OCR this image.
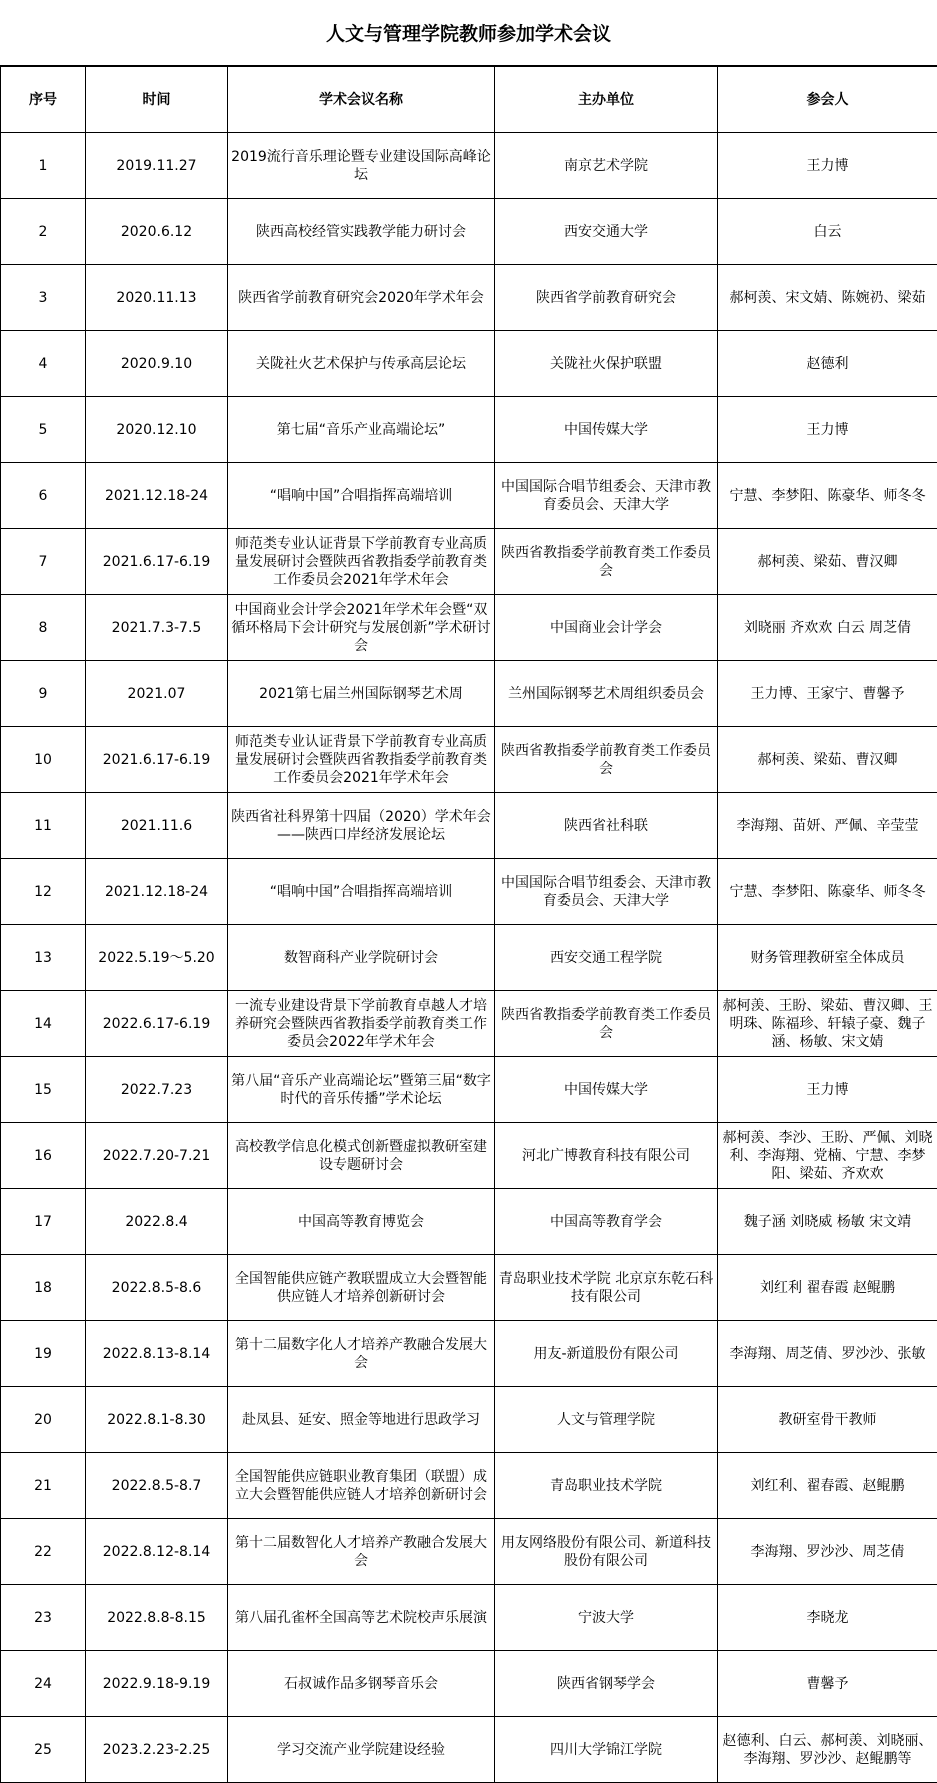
人文与管理学院教师参加学术会议
序号	时间	学术会议名称	主办单位	参会人
1	2019.11.27	2019流行音乐理论暨专业建设国际高峰论坛	南京艺术学院	王力博
2	2020.6.12	陕西高校经管实践教学能力研讨会	西安交通大学	白云
3	2020.11.13	陕西省学前教育研究会2020年学术年会	陕西省学前教育研究会	郝柯羡、宋文婧、陈婉礽、梁茹
4	2020.9.10	关陇社火艺术保护与传承高层论坛	关陇社火保护联盟	赵德利
5	2020.12.10	第七届“音乐产业高端论坛”	中国传媒大学	王力博
6	2021.12.18-24	“唱响中国”合唱指挥高端培训	中国国际合唱节组委会、天津市教育委员会、天津大学	宁慧、李梦阳、陈豪华、师冬冬
7	2021.6.17-6.19	师范类专业认证背景下学前教育专业高质量发展研讨会暨陕西省教指委学前教育类工作委员会2021年学术年会	陕西省教指委学前教育类工作委员会	郝柯羡、梁茹、曹汉卿
8	2021.7.3-7.5	中国商业会计学会2021年学术年会暨“双循环格局下会计研究与发展创新”学术研讨会	中国商业会计学会	刘晓丽 齐欢欢 白云 周芝倩
9	2021.07	2021第七届兰州国际钢琴艺术周	兰州国际钢琴艺术周组织委员会	王力博、王家宁、曹馨予
10	2021.6.17-6.19	师范类专业认证背景下学前教育专业高质量发展研讨会暨陕西省教指委学前教育类工作委员会2021年学术年会	陕西省教指委学前教育类工作委员会	郝柯羡、梁茹、曹汉卿
11	2021.11.6	陕西省社科界第十四届（2020）学术年会 ——陕西口岸经济发展论坛	陕西省社科联	李海翔、苗妍、严佩、辛莹莹
12	2021.12.18-24	“唱响中国”合唱指挥高端培训	中国国际合唱节组委会、天津市教育委员会、天津大学	宁慧、李梦阳、陈豪华、师冬冬
13	2022.5.19～5.20	数智商科产业学院研讨会	西安交通工程学院	财务管理教研室全体成员
14	2022.6.17-6.19	一流专业建设背景下学前教育卓越人才培养研究会暨陕西省教指委学前教育类工作委员会2022年学术年会	陕西省教指委学前教育类工作委员会	郝柯羡、王盼、梁茹、曹汉卿、王明珠、陈福珍、轩辕子豪、魏子涵、杨敏、宋文婧
15	2022.7.23	第八届“音乐产业高端论坛”暨第三届“数字时代的音乐传播”学术论坛	中国传媒大学	王力博
16	2022.7.20-7.21	高校教学信息化模式创新暨虚拟教研室建设专题研讨会	河北广博教育科技有限公司	郝柯羡、李沙、王盼、严佩、刘晓利、李海翔、党楠、宁慧、李梦阳、梁茹、齐欢欢
17	2022.8.4	中国高等教育博览会	中国高等教育学会	魏子涵 刘晓威 杨敏 宋文靖
18	2022.8.5-8.6	全国智能供应链产教联盟成立大会暨智能供应链人才培养创新研讨会	青岛职业技术学院 北京京东乾石科技有限公司	刘红利 翟春霞 赵鲲鹏
19	2022.8.13-8.14	第十二届数字化人才培养产教融合发展大会	用友-新道股份有限公司	李海翔、周芝倩、罗沙沙、张敏
20	2022.8.1-8.30	赴凤县、延安、照金等地进行思政学习	人文与管理学院	教研室骨干教师
21	2022.8.5-8.7	全国智能供应链职业教育集团（联盟）成立大会暨智能供应链人才培养创新研讨会	青岛职业技术学院	刘红利、翟春霞、赵鲲鹏
22	2022.8.12-8.14	第十二届数智化人才培养产教融合发展大会	用友网络股份有限公司、新道科技股份有限公司	李海翔、罗沙沙、周芝倩
23	2022.8.8-8.15	第八届孔雀杯全国高等艺术院校声乐展演	宁波大学	李晓龙
24	2022.9.18-9.19	石叔诚作品多钢琴音乐会	陕西省钢琴学会	曹馨予
25	2023.2.23-2.25	学习交流产业学院建设经验	四川大学锦江学院	赵德利、白云、郝柯羡、刘晓丽、李海翔、罗沙沙、赵鲲鹏等
